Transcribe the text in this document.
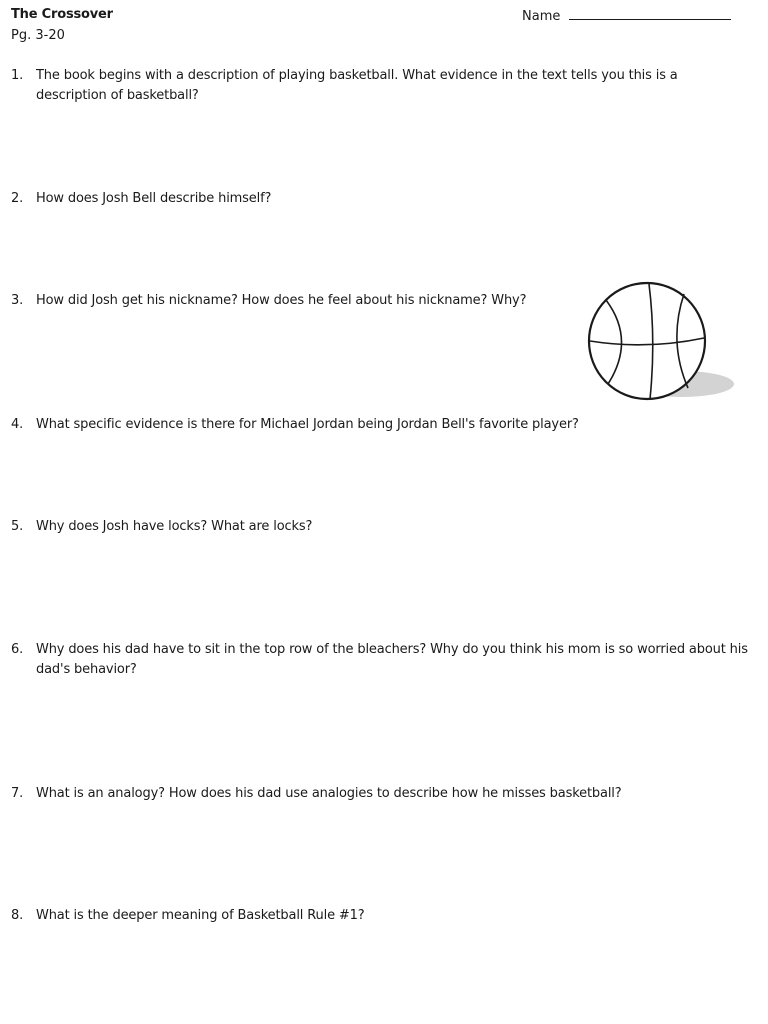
The Crossover
Pg. 3-20
Name
1. The book begins with a description of playing basketball. What evidence in the text tells you this is a description of basketball?
2. How does Josh Bell describe himself?
3. How did Josh get his nickname? How does he feel about his nickname? Why?
4. What specific evidence is there for Michael Jordan being Jordan Bell's favorite player?
5. Why does Josh have locks? What are locks?
6. Why does his dad have to sit in the top row of the bleachers? Why do you think his mom is so worried about his dad's behavior?
7. What is an analogy? How does his dad use analogies to describe how he misses basketball?
8. What is the deeper meaning of Basketball Rule #1?
